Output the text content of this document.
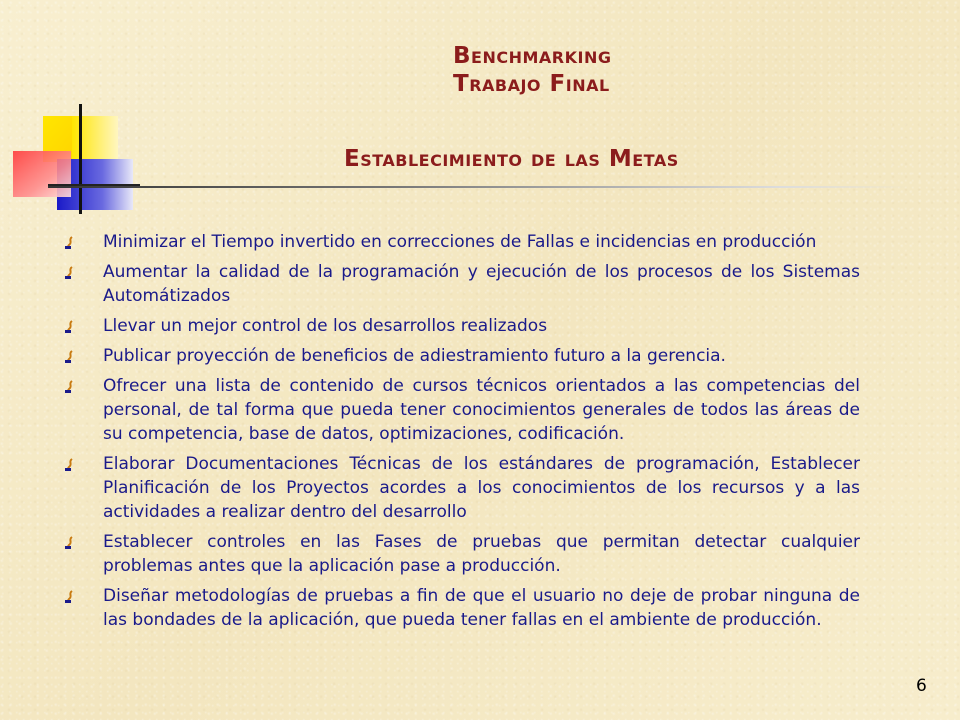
Benchmarking
Trabajo Final
Establecimiento de las Metas
Minimizar el Tiempo invertido en correcciones de Fallas e incidencias en producción
Aumentar la calidad de la programación y ejecución de los procesos de los Sistemas Automátizados
Llevar un mejor control de los desarrollos realizados
Publicar proyección de beneficios de adiestramiento futuro a la gerencia.
Ofrecer una lista de contenido de cursos técnicos orientados a las competencias del personal, de tal forma que pueda tener conocimientos generales de todos las áreas de su competencia, base de datos, optimizaciones, codificación.
Elaborar Documentaciones Técnicas de los estándares de programación, Establecer Planificación de los Proyectos acordes a los conocimientos de los recursos y a las actividades a realizar dentro del desarrollo
Establecer controles en las Fases de pruebas que permitan detectar cualquier problemas antes que la aplicación pase a producción.
Diseñar metodologías de pruebas a fin de que el usuario no deje de probar ninguna de las bondades de la aplicación, que pueda tener fallas en el ambiente de producción.
6
